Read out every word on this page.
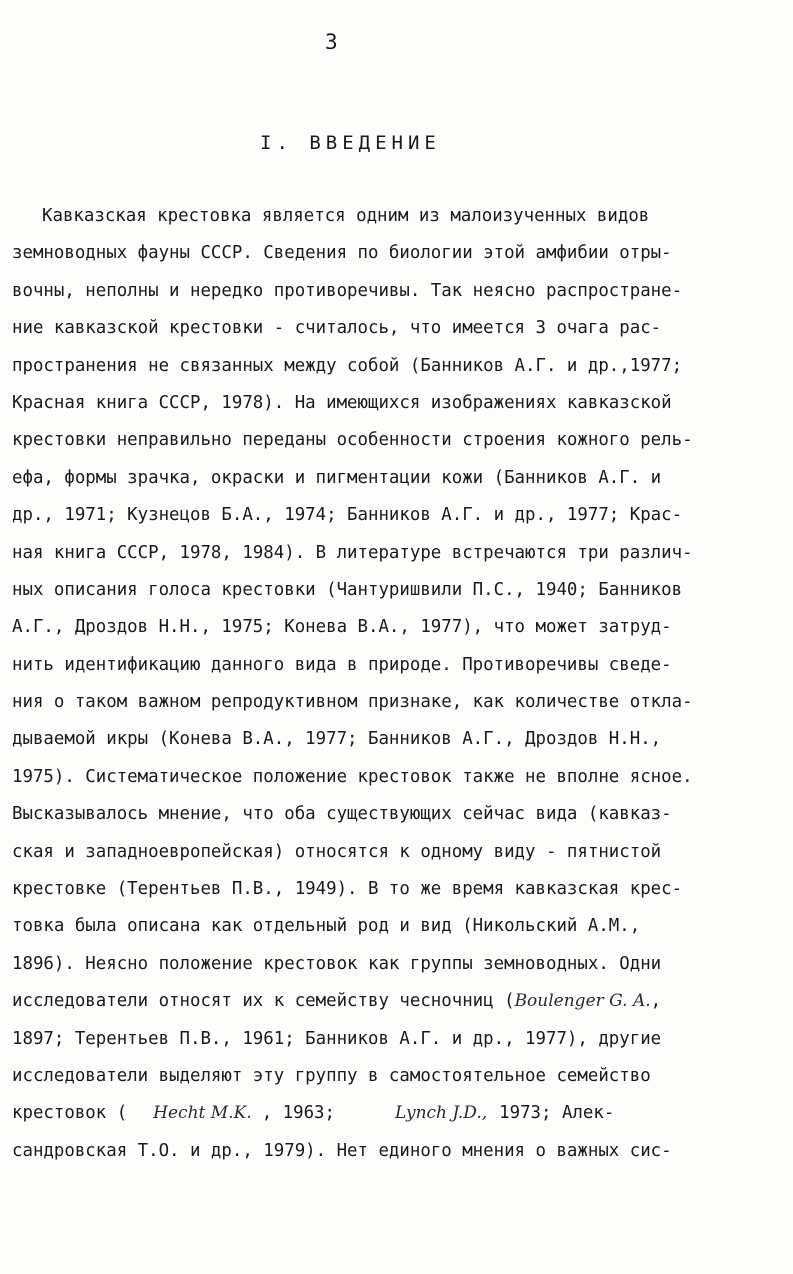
3
I. ВВЕДЕНИЕ
Кавказская крестовка является одним из малоизученных видов
земноводных фауны СССР. Сведения по биологии этой амфибии отры-
вочны, неполны и нередко противоречивы. Так неясно распростране-
ние кавказской крестовки - считалось, что имеется 3 очага рас-
пространения не связанных между собой (Банников А.Г. и др.,1977;
Красная книга СССР, 1978). На имеющихся изображениях кавказской
крестовки неправильно переданы особенности строения кожного рель-
ефа, формы зрачка, окраски и пигментации кожи (Банников А.Г. и
др., 1971; Кузнецов Б.А., 1974; Банников А.Г. и др., 1977; Крас-
ная книга СССР, 1978, 1984). В литературе встречаются три различ-
ных описания голоса крестовки (Чантуришвили П.С., 1940; Банников
А.Г., Дроздов Н.Н., 1975; Конева В.А., 1977), что может затруд-
нить идентификацию данного вида в природе. Противоречивы сведе-
ния о таком важном репродуктивном признаке, как количестве откла-
дываемой икры (Конева В.А., 1977; Банников А.Г., Дроздов Н.Н.,
1975). Систематическое положение крестовок также не вполне ясное.
Высказывалось мнение, что оба существующих сейчас вида (кавказ-
ская и западноевропейская) относятся к одному виду - пятнистой
крестовке (Терентьев П.В., 1949). В то же время кавказская крес-
товка была описана как отдельный род и вид (Никольский А.М.,
1896). Неясно положение крестовок как группы земноводных. Одни
исследователи относят их к семейству чесночниц (Boulenger G. A.,
1897; Терентьев П.В., 1961; Банников А.Г. и др., 1977), другие
исследователи выделяют эту группу в самостоятельное семейство
крестовок ( Hecht M.K. , 1963;	Lynch J.D., 1973; Алек-
сандровская Т.О. и др., 1979). Нет единого мнения о важных сис-
